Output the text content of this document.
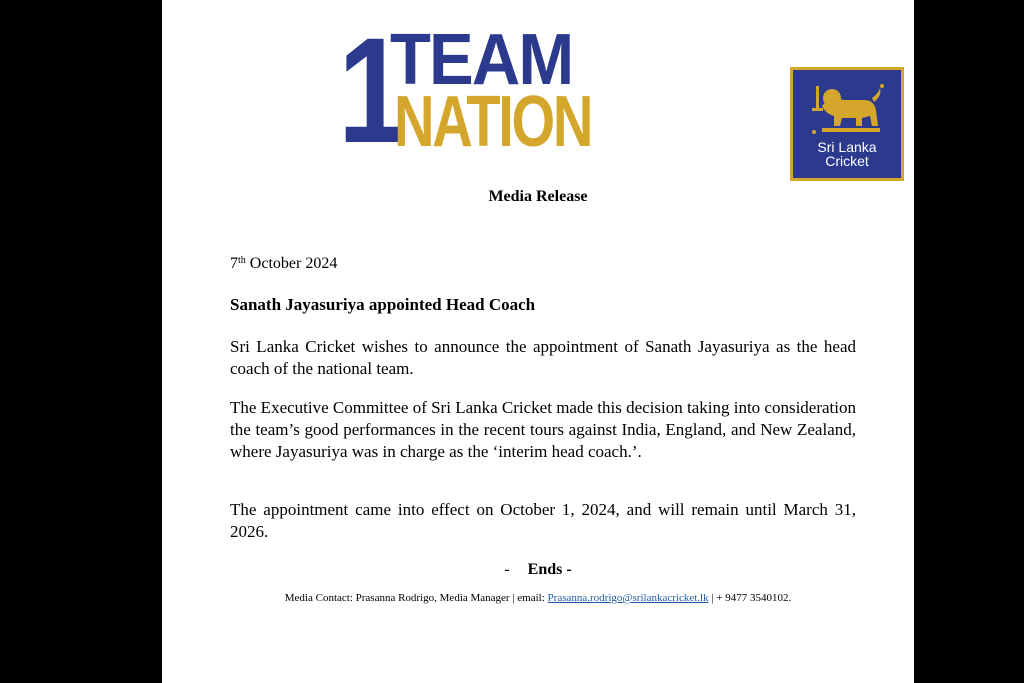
1
TEAM
NATION	Sri Lanka
Cricket
Media Release
7th October 2024
Sanath Jayasuriya appointed Head Coach

Sri Lanka Cricket wishes to announce the appointment of Sanath Jayasuriya as the head coach of the national team.

The Executive Committee of Sri Lanka Cricket made this decision taking into consideration the team’s good performances in the recent tours against India, England, and New Zealand, where Jayasuriya was in charge as the ‘interim head coach.’.

The appointment came into effect on October 1, 2024, and will remain until March 31, 2026.

- Ends -
Media Contact: Prasanna Rodrigo, Media Manager | email: Prasanna.rodrigo@srilankacricket.lk | + 9477 3540102.
